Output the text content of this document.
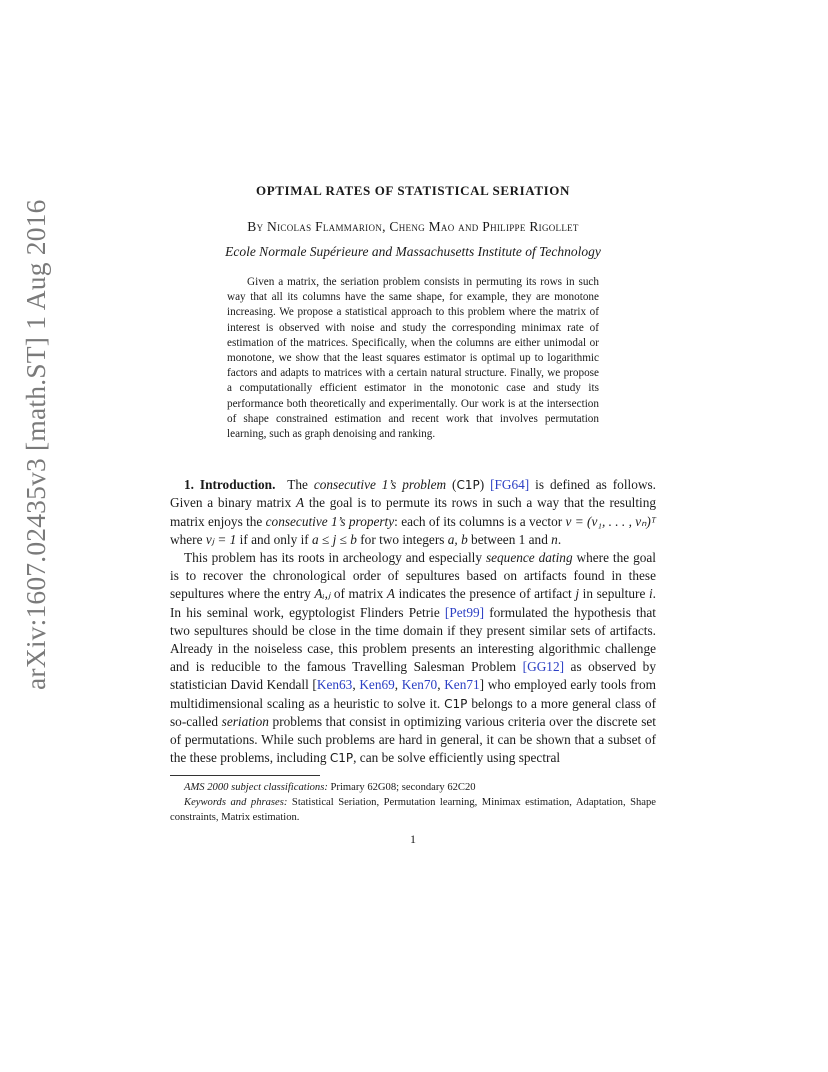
arXiv:1607.02435v3 [math.ST] 1 Aug 2016
OPTIMAL RATES OF STATISTICAL SERIATION
By Nicolas Flammarion, Cheng Mao and Philippe Rigollet
Ecole Normale Supérieure and Massachusetts Institute of Technology

Given a matrix, the seriation problem consists in permuting its rows in such way that all its columns have the same shape, for example, they are monotone increasing. We propose a statistical approach to this problem where the matrix of interest is observed with noise and study the corresponding minimax rate of estimation of the matrices. Specifically, when the columns are either unimodal or monotone, we show that the least squares estimator is optimal up to logarithmic factors and adapts to matrices with a certain natural structure. Finally, we propose a computationally efficient estimator in the monotonic case and study its performance both theoretically and experimentally. Our work is at the intersection of shape constrained estimation and recent work that involves permutation learning, such as graph denoising and ranking.

1. Introduction. The consecutive 1’s problem (C1P) [FG64] is defined as follows. Given a binary matrix A the goal is to permute its rows in such a way that the resulting matrix enjoys the consecutive 1’s property: each of its columns is a vector v = (v₁, . . . , vₙ)ᵀ where vⱼ = 1 if and only if a ≤ j ≤ b for two integers a, b between 1 and n.

This problem has its roots in archeology and especially sequence dating where the goal is to recover the chronological order of sepultures based on artifacts found in these sepultures where the entry Aᵢ,ⱼ of matrix A indicates the presence of artifact j in sepulture i. In his seminal work, egyptologist Flinders Petrie [Pet99] formulated the hypothesis that two sepultures should be close in the time domain if they present similar sets of artifacts. Already in the noiseless case, this problem presents an interesting algorithmic challenge and is reducible to the famous Travelling Salesman Problem [GG12] as observed by statistician David Kendall [Ken63, Ken69, Ken70, Ken71] who employed early tools from multidimensional scaling as a heuristic to solve it. C1P belongs to a more general class of so-called seriation problems that consist in optimizing various criteria over the discrete set of permutations. While such problems are hard in general, it can be shown that a subset of the these problems, including C1P, can be solve efficiently using spectral

AMS 2000 subject classifications: Primary 62G08; secondary 62C20

Keywords and phrases: Statistical Seriation, Permutation learning, Minimax estimation, Adaptation, Shape constraints, Matrix estimation.

1
